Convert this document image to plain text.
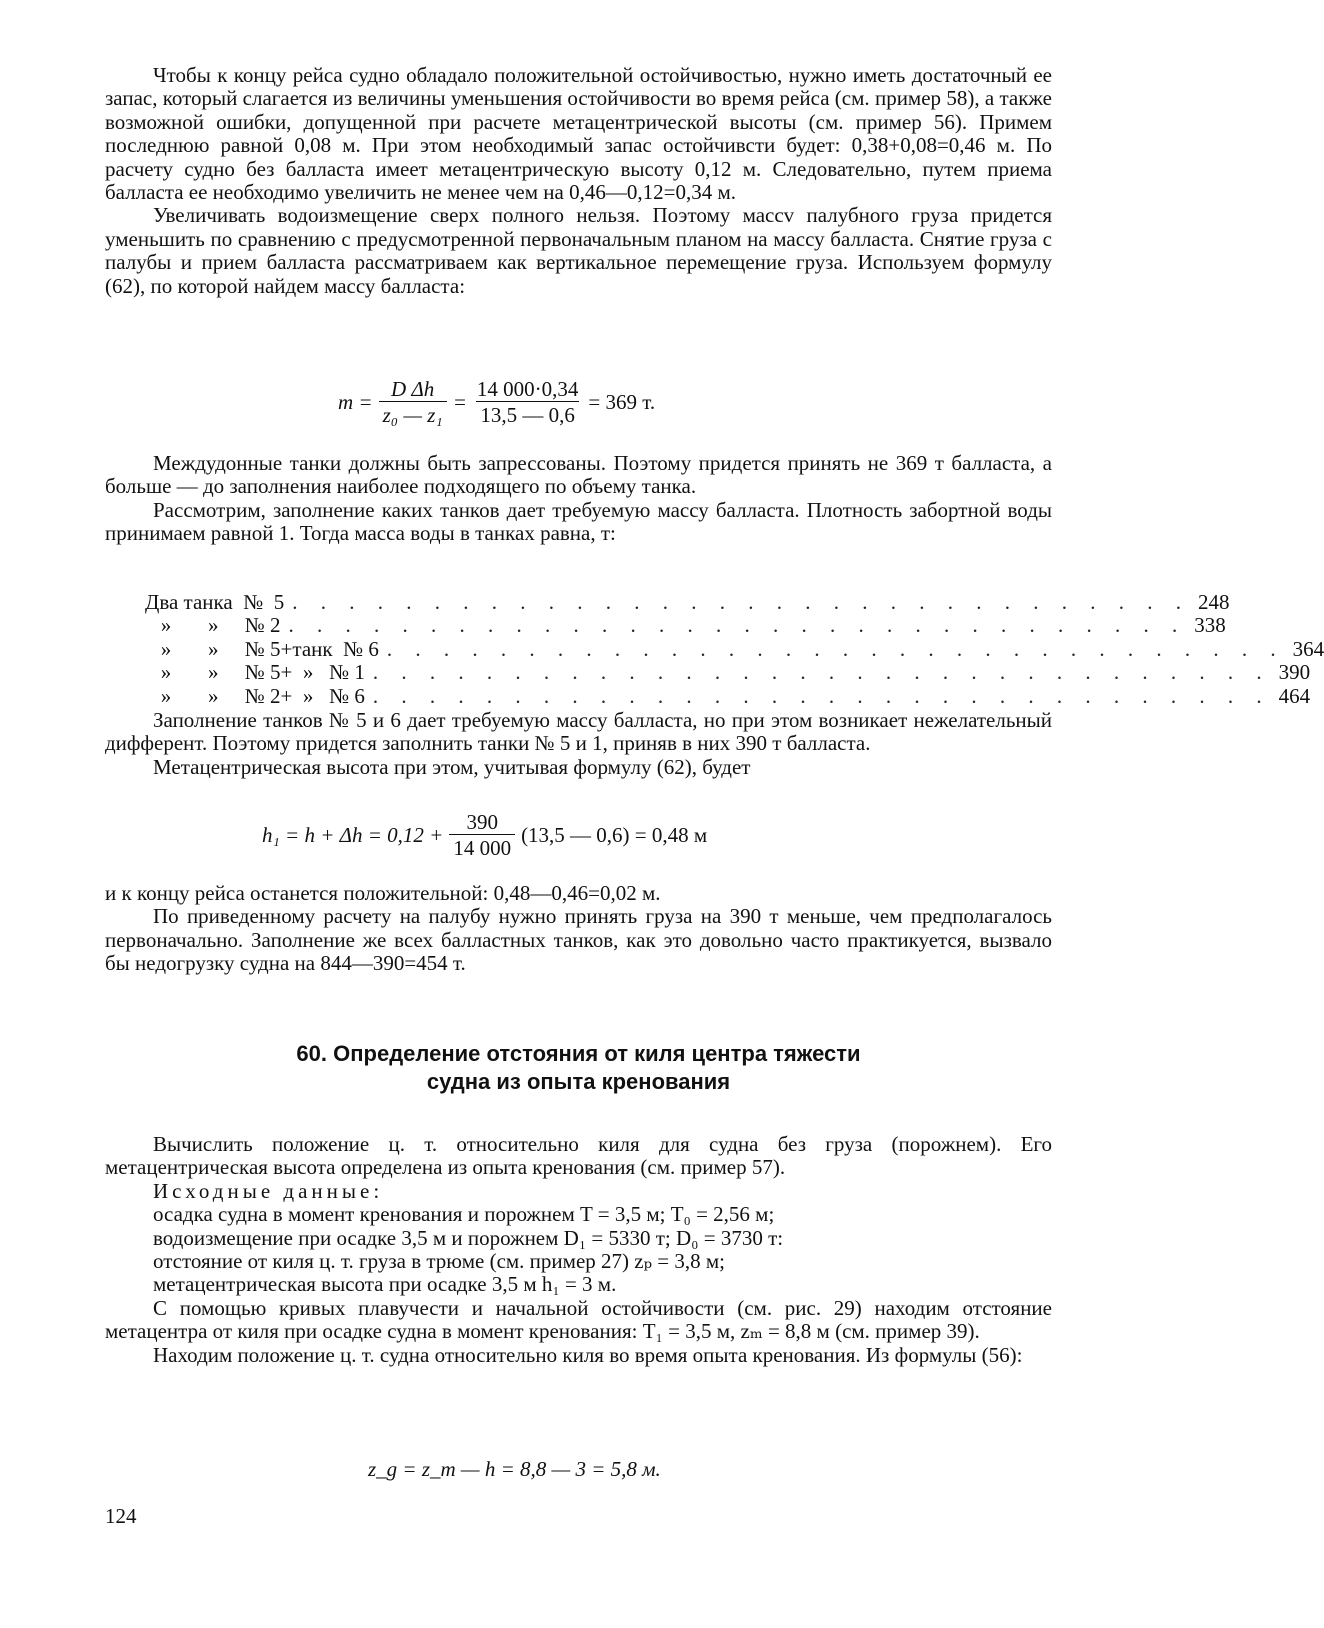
Чтобы к концу рейса судно обладало положительной остойчивостью, нужно иметь достаточный ее запас, который слагается из величины уменьшения остойчивости во время рейса (см. пример 58), а также возможной ошибки, допущенной при расчете метацентрической высоты (см. пример 56). Примем последнюю равной 0,08 м. При этом необходимый запас остойчивсти будет: 0,38+0,08=0,46 м. По расчету судно без балласта имеет метацентрическую высоту 0,12 м. Следовательно, путем приема балласта ее необходимо увеличить не менее чем на 0,46—0,12=0,34 м.

Увеличивать водоизмещение сверх полного нельзя. Поэтому массv палубного груза придется уменьшить по сравнению с предусмотренной первоначальным планом на массу балласта. Снятие груза с палубы и прием балласта рассматриваем как вертикальное перемещение груза. Используем формулу (62), по которой найдем массу балласта:

$m = \frac{\text{D Δh}}{\text{z₀ — z₁}} = \frac{14 000\cdot 0,34}{13,5 — 0,6} = 369$ т.

Междудонные танки должны быть запрессованы. Поэтому придется принять не 369 т балласта, а больше — до заполнения наиболее подходящего по объему танка.

Рассмотрим, заполнение каких танков дает требуемую массу балласта. Плотность забортной воды принимаем равной 1. Тогда масса воды в танках равна, т:

Два танка  №  5 . . . . . . . . . . . . . . . . . . . . . . . . . . . . . . . . 248
»       »     № 2 . . . . . . . . . . . . . . . . . . . . . . . . . . . . . . . . 338
»       »     № 5+танк  № 6 . . . . . . . . . . . . . . . . . . . . . . . . . . . . . . . . 364
»       »     № 5+  »   № 1 . . . . . . . . . . . . . . . . . . . . . . . . . . . . . . . . 390
»       »     № 2+  »   № 6 . . . . . . . . . . . . . . . . . . . . . . . . . . . . . . . . 464

Заполнение танков № 5 и 6 дает требуемую массу балласта, но при этом возникает нежелательный дифферент. Поэтому придется заполнить танки № 5 и 1, приняв в них 390 т балласта.

Метацентрическая высота при этом, учитывая формулу (62), будет

$h_1 = h + \Delta h = 0,12 + \frac{390}{14 000} (13,5$ — 0,6) = 0,48 м

и к концу рейса останется положительной: 0,48—0,46=0,02 м.

По приведенному расчету на палубу нужно принять груза на 390 т меньше, чем предполагалось первоначально. Заполнение же всех балластных танков, как это довольно часто практикуется, вызвало бы недогрузку судна на 844—390=454 т.

60. Определение отстояния от киля центра тяжести
судна из опыта кренования

Вычислить положение ц. т. относительно киля для судна без груза (порожнем). Его метацентрическая высота определена из опыта кренования (см. пример 57).

Исходные данные:

осадка судна в момент кренования и порожнем T = 3,5 м; T₀ = 2,56 м;

водоизмещение при осадке 3,5 м и порожнем D₁ = 5330 т; D₀ = 3730 т:

отстояние от киля ц. т. груза в трюме (см. пример 27) zₚ = 3,8 м;

метацентрическая высота при осадке 3,5 м h₁ = 3 м.

С помощью кривых плавучести и начальной остойчивости (см. рис. 29) находим отстояние метацентра от киля при осадке судна в момент кренования: T₁ = 3,5 м, zₘ = 8,8 м (см. пример 39).

Находим положение ц. т. судна относительно киля во время опыта кренования. Из формулы (56):

z_g = z_m — h = 8,8 — 3 = 5,8 м.
124
